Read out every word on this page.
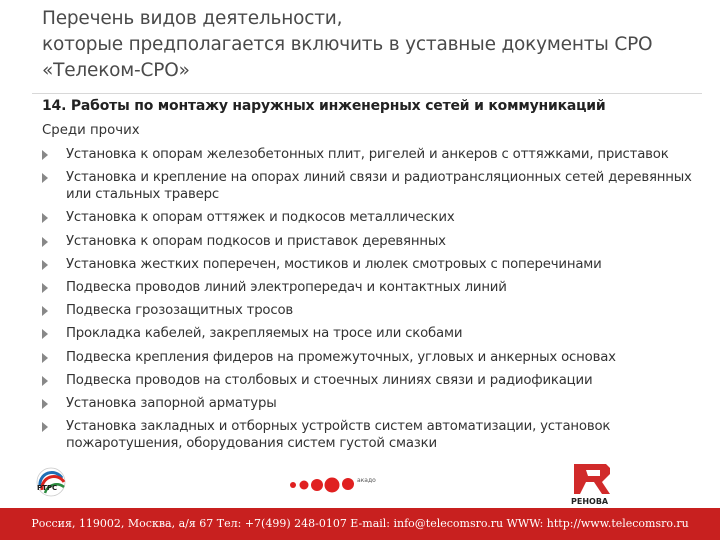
Перечень видов деятельности,
которые предполагается включить в уставные документы СРО
«Телеком-СРО»
14. Работы по монтажу наружных инженерных сетей и коммуникаций
Среди прочих
Установка к опорам железобетонных плит, ригелей и анкеров с оттяжками, приставок
Установка и крепление на опорах линий связи и радиотрансляционных сетей деревянных или стальных траверс
Установка к опорам оттяжек и подкосов металлических
Установка к опорам подкосов и приставок деревянных
Установка жестких поперечен, мостиков и люлек смотровых с поперечинами
Подвеска проводов линий электропередач и контактных линий
Подвеска грозозащитных тросов
Прокладка кабелей, закрепляемых на тросе или скобами
Подвеска крепления фидеров на промежуточных, угловых и анкерных основах
Подвеска проводов на столбовых и стоечных линиях связи и радиофикации
Установка запорной арматуры
Установка закладных и отборных устройств систем автоматизации, установок пожаротушения, оборудования систем густой смазки
РТРС
акадо
РЕНОВА
Россия, 119002, Москва, а/я 67 Тел: +7(499) 248-0107 E-mail: info@telecomsro.ru WWW: http://www.telecomsro.ru
